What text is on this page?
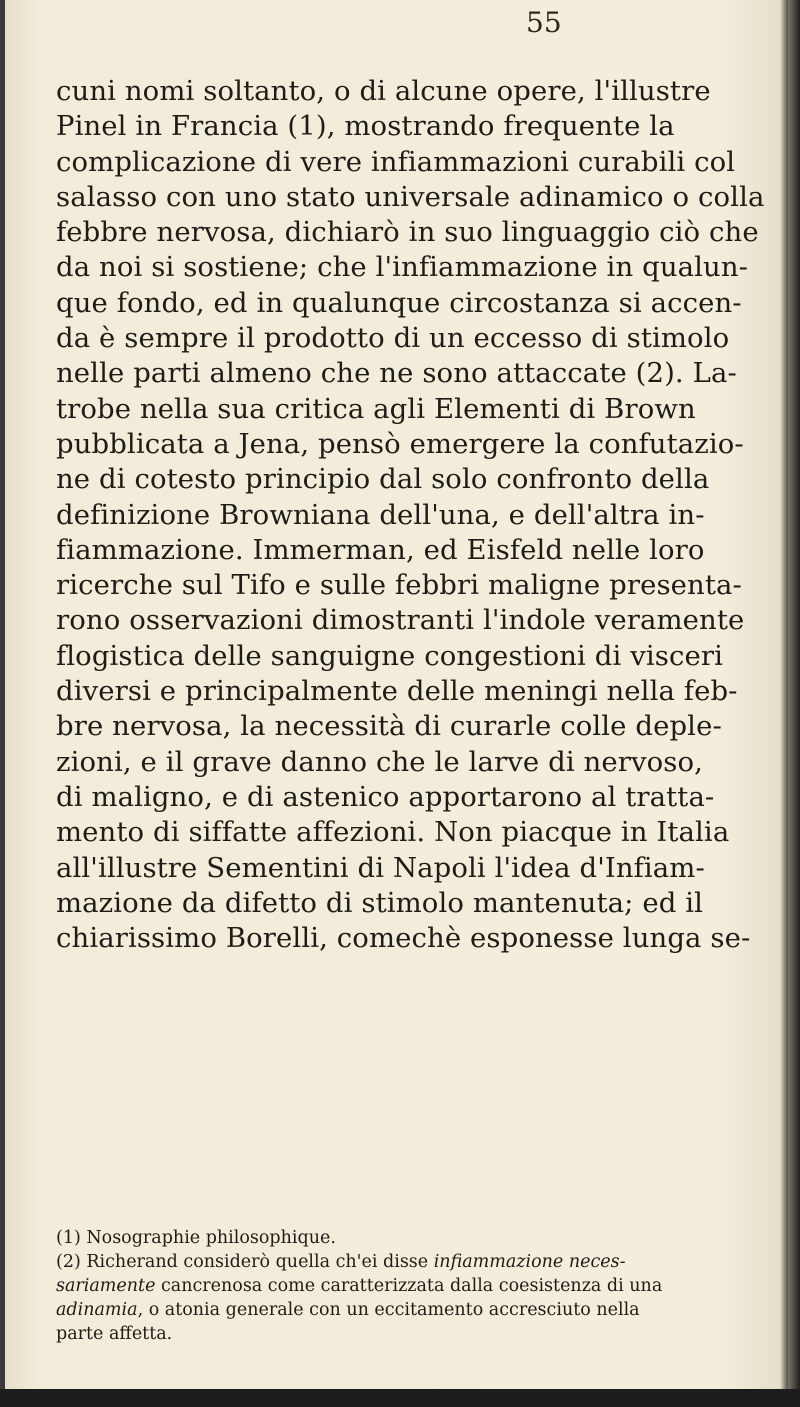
55
cuni nomi soltanto, o di alcune opere, l'illustre
Pinel in Francia (1), mostrando frequente la
complicazione di vere infiammazioni curabili col
salasso con uno stato universale adinamico o colla
febbre nervosa, dichiarò in suo linguaggio ciò che
da noi si sostiene; che l'infiammazione in qualun-
que fondo, ed in qualunque circostanza si accen-
da è sempre il prodotto di un eccesso di stimolo
nelle parti almeno che ne sono attaccate (2). La-
trobe nella sua critica agli Elementi di Brown
pubblicata a Jena, pensò emergere la confutazio-
ne di cotesto principio dal solo confronto della
definizione Browniana dell'una, e dell'altra in-
fiammazione. Immerman, ed Eisfeld nelle loro
ricerche sul Tifo e sulle febbri maligne presenta-
rono osservazioni dimostranti l'indole veramente
flogistica delle sanguigne congestioni di visceri
diversi e principalmente delle meningi nella feb-
bre nervosa, la necessità di curarle colle deple-
zioni, e il grave danno che le larve di nervoso,
di maligno, e di astenico apportarono al tratta-
mento di siffatte affezioni. Non piacque in Italia
all'illustre Sementini di Napoli l'idea d'Infiam-
mazione da difetto di stimolo mantenuta; ed il
chiarissimo Borelli, comechè esponesse lunga se-
(1) Nosographie philosophique.
(2) Richerand considerò quella ch'ei disse infiammazione neces-
sariamente cancrenosa come caratterizzata dalla coesistenza di una
adinamia, o atonia generale con un eccitamento accresciuto nella
parte affetta.
